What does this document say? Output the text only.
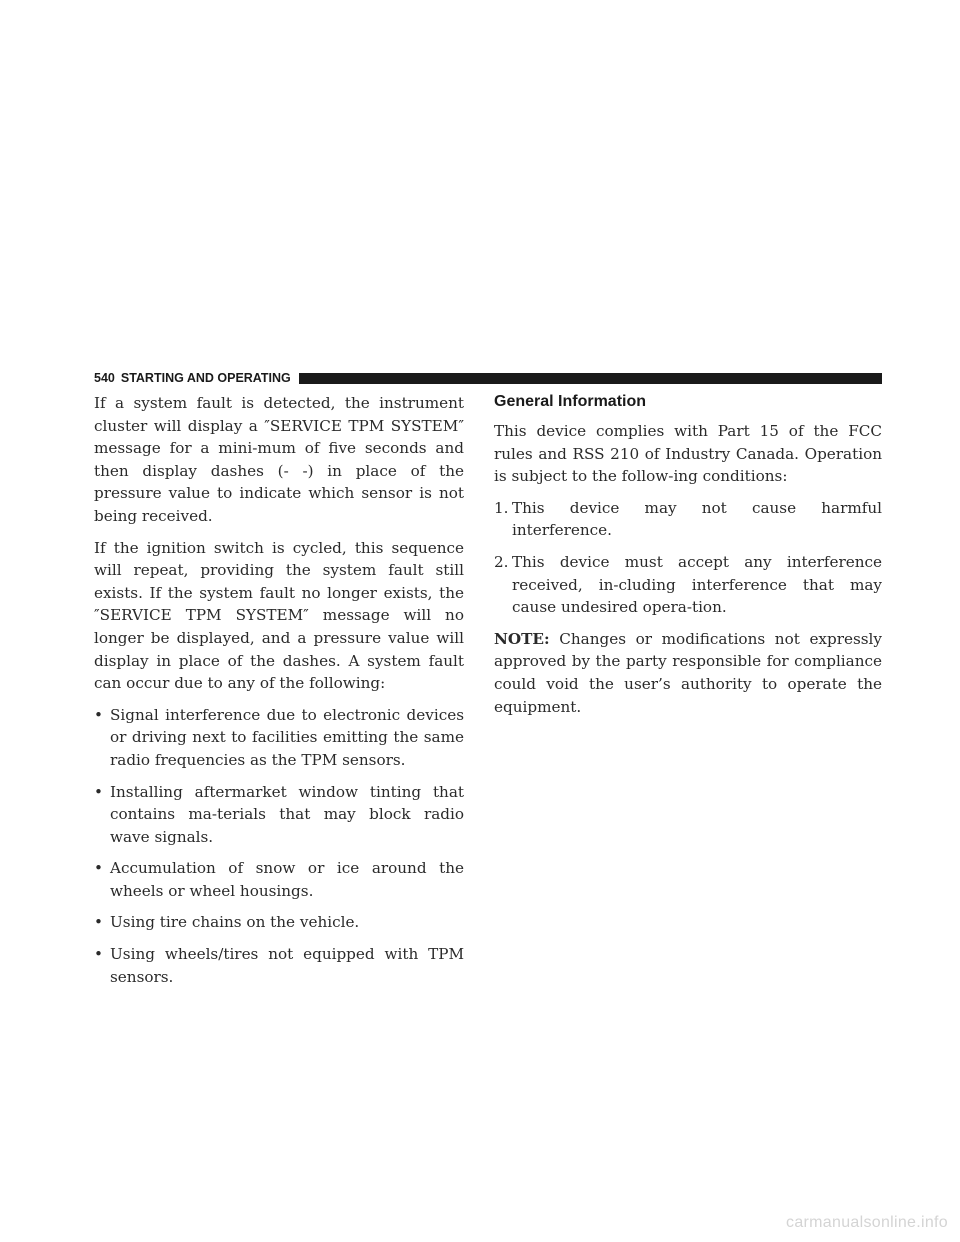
540 STARTING AND OPERATING

If a system fault is detected, the instrument cluster will display a ″SERVICE TPM SYSTEM″ message for a mini-mum of five seconds and then display dashes (- -) in place of the pressure value to indicate which sensor is not being received.

If the ignition switch is cycled, this sequence will repeat, providing the system fault still exists. If the system fault no longer exists, the ″SERVICE TPM SYSTEM″ message will no longer be displayed, and a pressure value will display in place of the dashes. A system fault can occur due to any of the following:

• Signal interference due to electronic devices or driving next to facilities emitting the same radio frequencies as the TPM sensors.
• Installing aftermarket window tinting that contains ma-terials that may block radio wave signals.
• Accumulation of snow or ice around the wheels or wheel housings.
• Using tire chains on the vehicle.
• Using wheels/tires not equipped with TPM sensors.
General Information

This device complies with Part 15 of the FCC rules and RSS 210 of Industry Canada. Operation is subject to the follow-ing conditions:

1. This device may not cause harmful interference.
2. This device must accept any interference received, in-cluding interference that may cause undesired opera-tion.

NOTE: Changes or modifications not expressly approved by the party responsible for compliance could void the user’s authority to operate the equipment.

carmanualsonline.info
